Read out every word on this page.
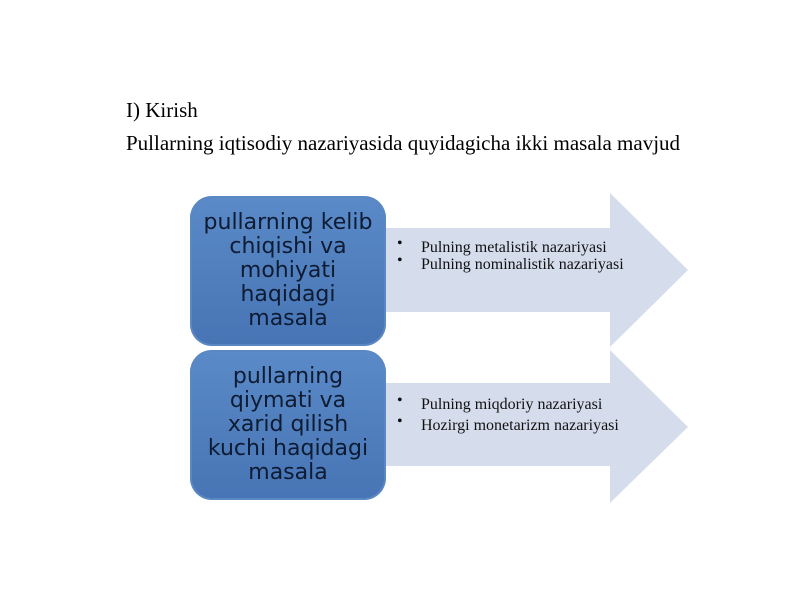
I) Kirish

Pullarning iqtisodiy nazariyasida quyidagicha ikki masala mavjud

pullarning kelib chiqishi va mohiyati haqidagi masala
pullarning qiymati va xarid qilish kuchi haqidagi masala
• Pulning metalistik nazariyasi
• Pulning nominalistik nazariyasi
• Pulning miqdoriy nazariyasi
• Hozirgi monetarizm nazariyasi
